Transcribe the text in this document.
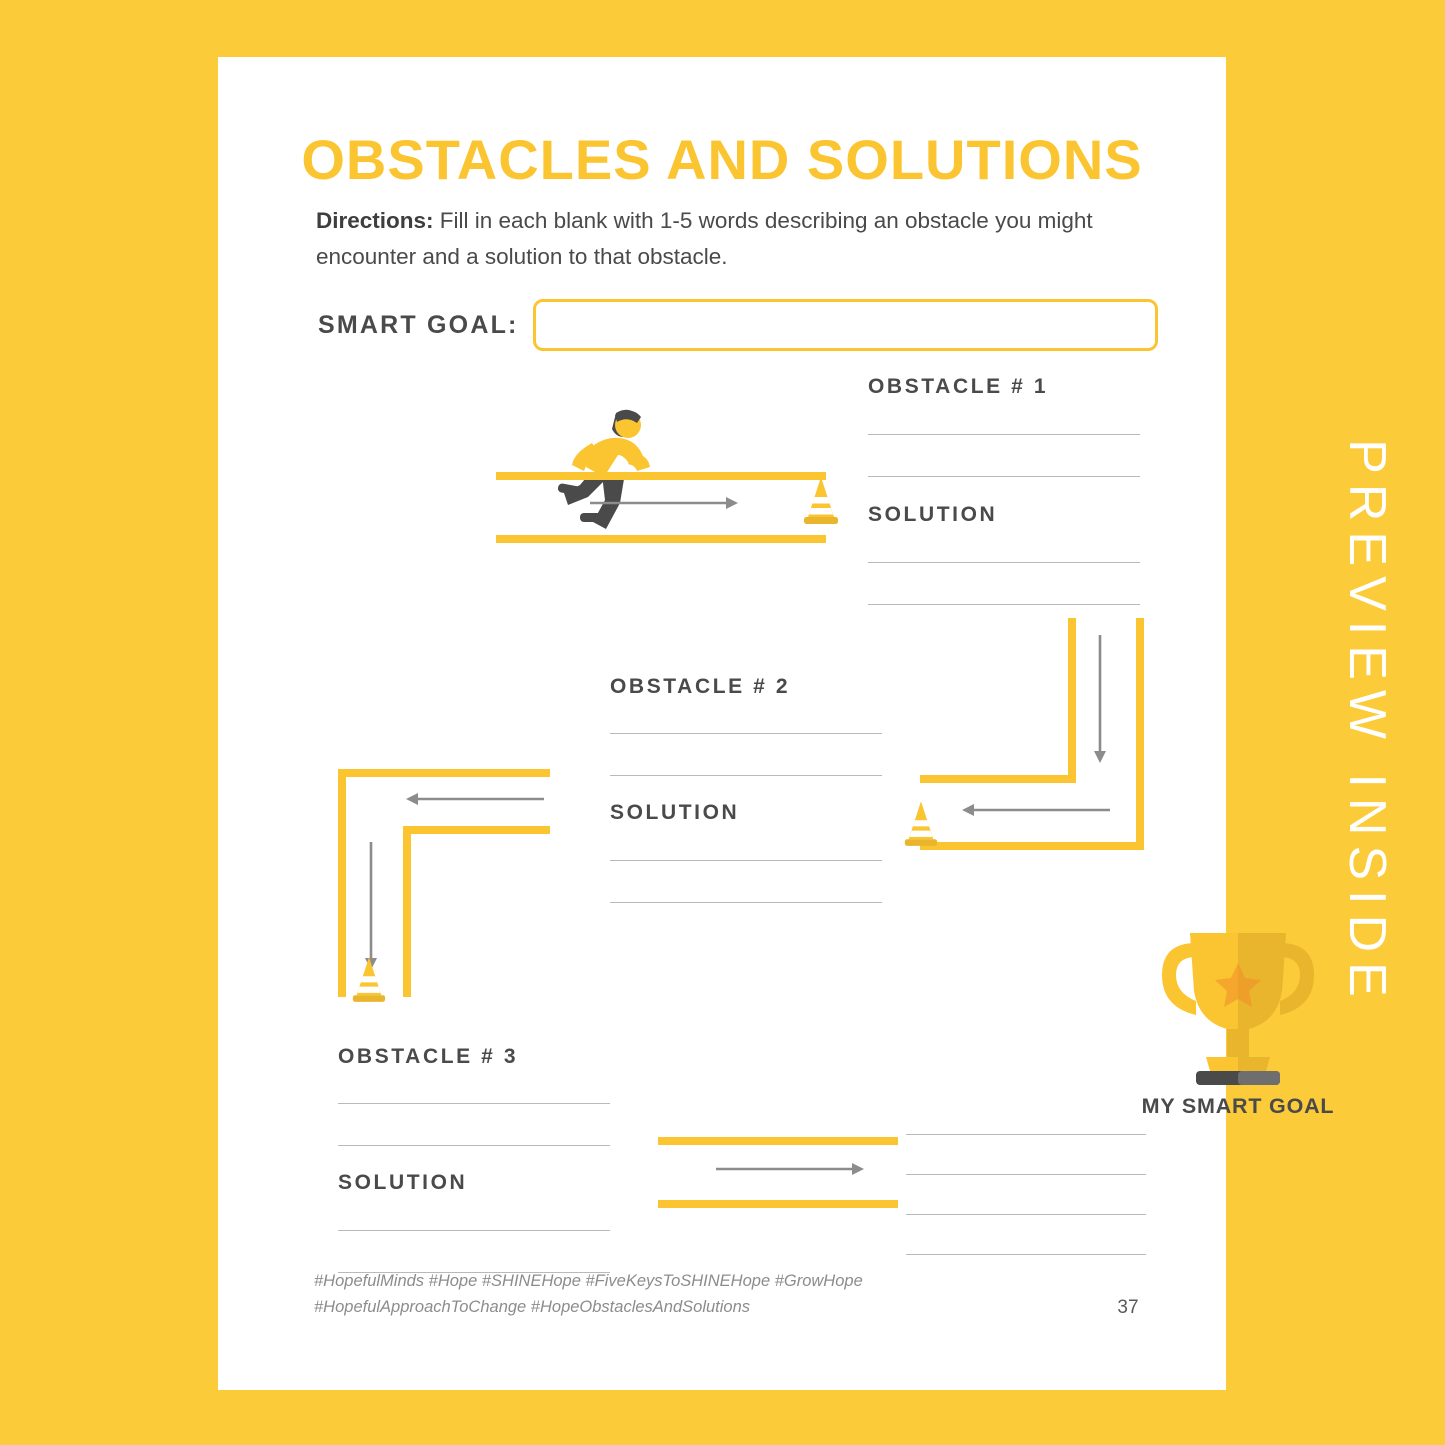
OBSTACLES AND SOLUTIONS
Directions: Fill in each blank with 1-5 words describing an obstacle you might encounter and a solution to that obstacle.
SMART GOAL:
OBSTACLE # 1
SOLUTION
OBSTACLE # 2
SOLUTION
OBSTACLE # 3
SOLUTION
MY SMART GOAL
#HopefulMinds #Hope #SHINEHope #FiveKeysToSHINEHope #GrowHope
#HopefulApproachToChange #HopeObstaclesAndSolutions	37
PREVIEW INSIDE
